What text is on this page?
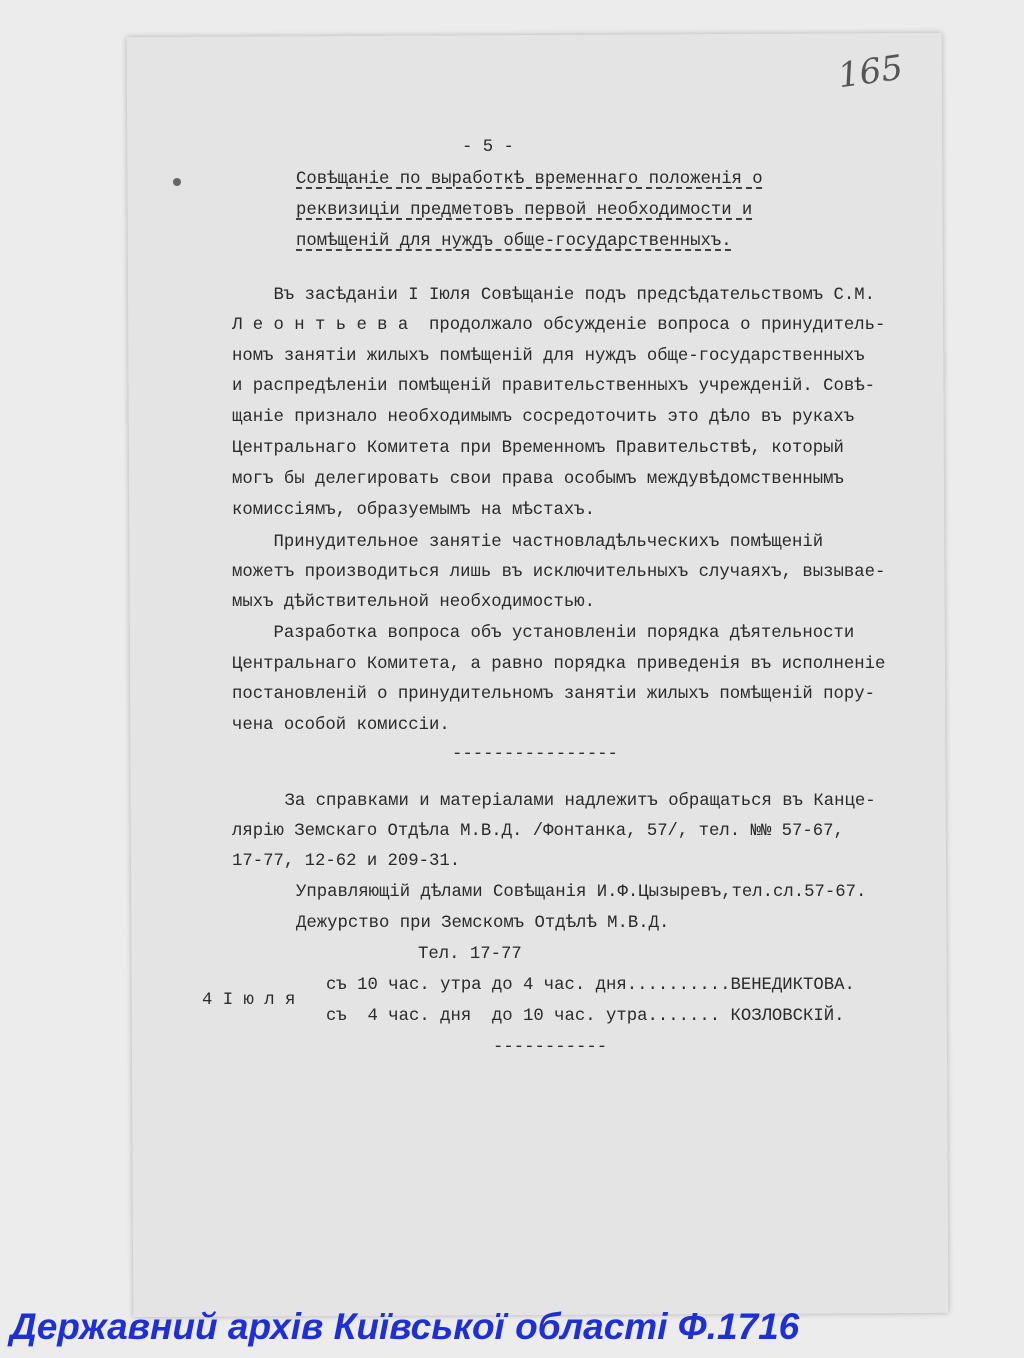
165
- 5 -
Совѣщаніе по выработкѣ временнаго положенія о
реквизиціи предметовъ первой необходимости и
помѣщеній для нуждъ обще-государственныхъ.
Въ засѣданіи I Іюля Совѣщаніе подъ предсѣдательствомъ С.М.
Л е о н т ь е в а  продолжало обсужденіе вопроса о принудитель-
номъ занятіи жилыхъ помѣщеній для нуждъ обще-государственныхъ
и распредѣленіи помѣщеній правительственныхъ учрежденій. Совѣ-
щаніе признало необходимымъ сосредоточить это дѣло въ рукахъ
Центральнаго Комитета при Временномъ Правительствѣ, который
могъ бы делегировать свои права особымъ междувѣдомственнымъ
комиссіямъ, образуемымъ на мѣстахъ.
Принудительное занятіе частновладѣльческихъ помѣщеній
можетъ производиться лишь въ исключительныхъ случаяхъ, вызывае-
мыхъ дѣйствительной необходимостью.
Разработка вопроса объ установленіи порядка дѣятельности
Центральнаго Комитета, а равно порядка приведенія въ исполненіе
постановленій о принудительномъ занятіи жилыхъ помѣщеній пору-
чена особой комиссіи.
----------------
За справками и матеріалами надлежитъ обращаться въ Канце-
лярію Земскаго Отдѣла М.В.Д. /Фонтанка, 57/, тел. №№ 57-67,
17-77, 12-62 и 209-31.
Управляющій дѣлами Совѣщанія И.Ф.Цызыревъ,тел.сл.57-67.
Дежурство при Земскомъ Отдѣлѣ М.В.Д.
Тел. 17-77
4 I ю л я
съ 10 час. утра до 4 час. дня..........ВЕНЕДИКТОВА.
съ  4 час. дня  до 10 час. утра....... КОЗЛОВСКІЙ.
-----------
Державний архів Київської області Ф.1716
